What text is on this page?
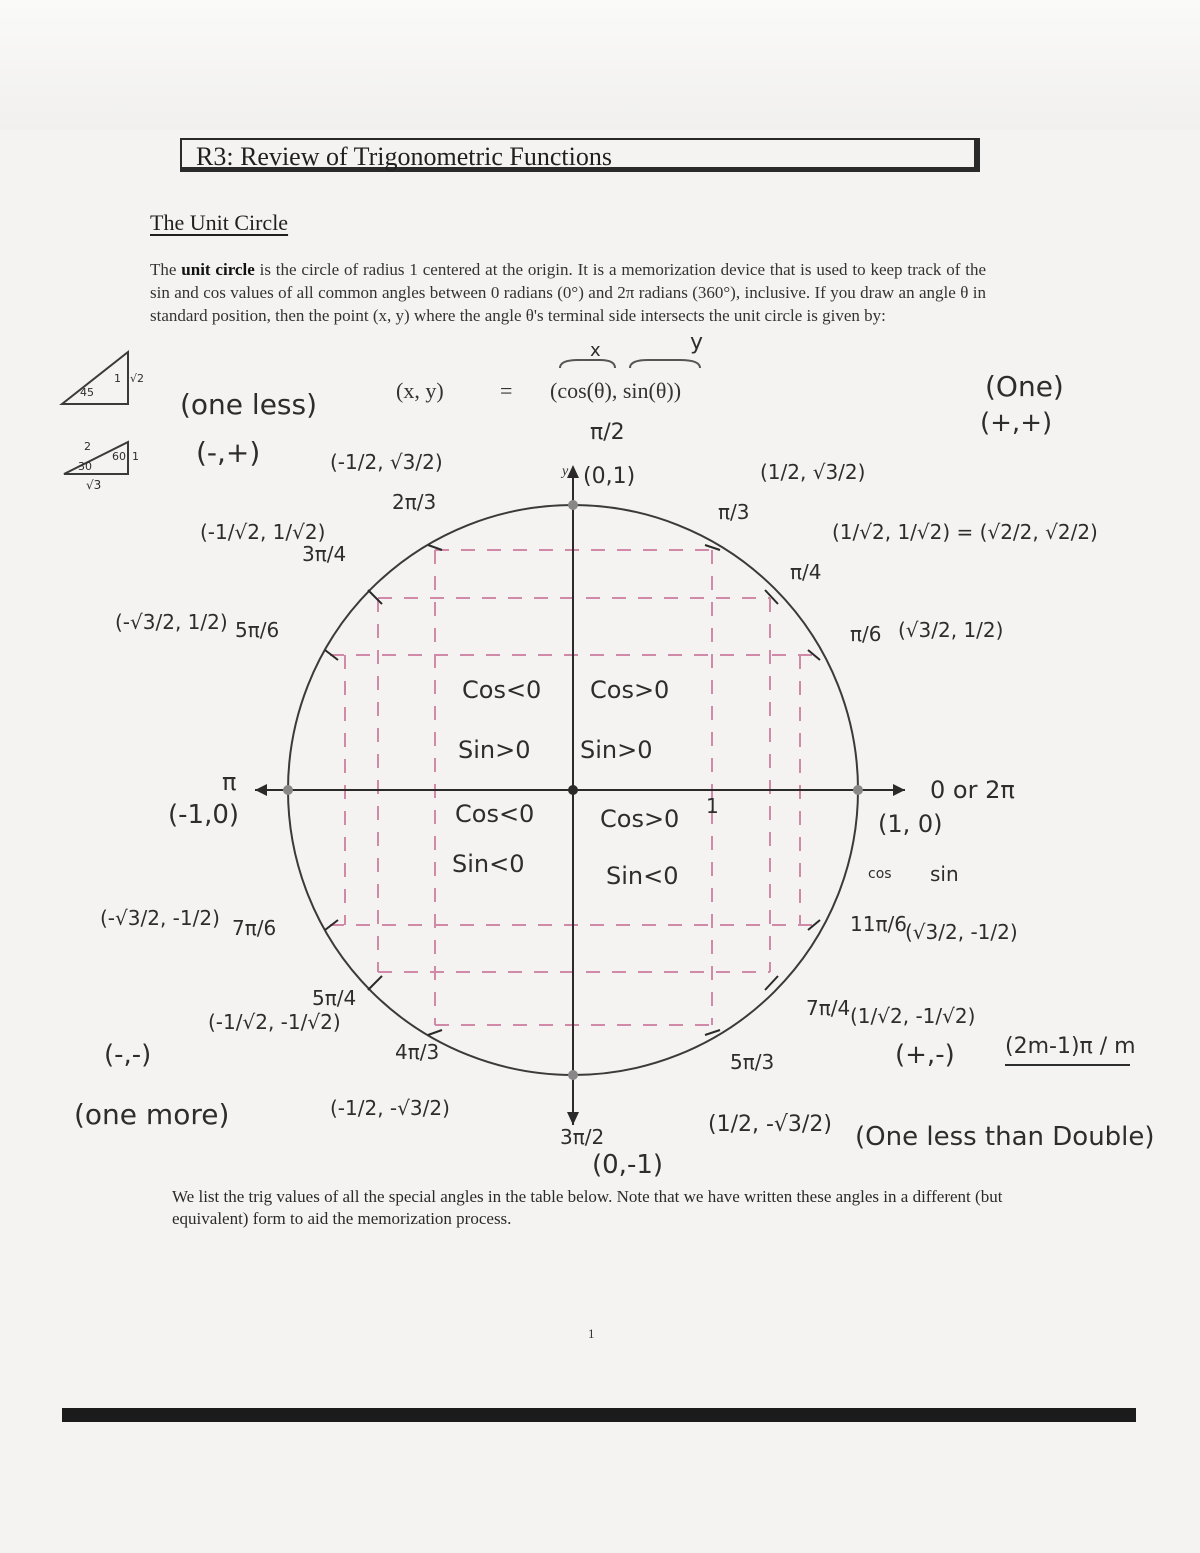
R3: Review of Trigonometric Functions
The Unit Circle
The unit circle is the circle of radius 1 centered at the origin. It is a memorization device that is used to keep track of the sin and cos values of all common angles between 0 radians (0°) and 2π radians (360°), inclusive. If you draw an angle θ in standard position, then the point (x, y) where the angle θ's terminal side intersects the unit circle is given by:
(x, y)	= (cos(θ), sin(θ))
y
Cos<0
Sin>0
Cos>0
Sin>0
Cos<0
Sin<0
Cos>0
Sin<0
1
x	y
(one less)
(-,+)
(One)
(+,+)
π/2
(0,1)
π/3
(1/2, √3/2)
π/4
(1/√2, 1/√2) = (√2/2, √2/2)
π/6 (√3/2, 1/2)
2π/3
(-1/2, √3/2)
3π/4
(-1/√2, 1/√2)
5π/6
(-√3/2, 1/2)
π
(-1,0)
0 or 2π
(1, 0)
cos sin
(-√3/2, -1/2) 7π/6
5π/4
(-1/√2, -1/√2)
4π/3
(-1/2, -√3/2)
(-,-)
(one more)
3π/2
(0,-1)
5π/3
(1/2, -√3/2)
7π/4 (1/√2, -1/√2)
(+,-)
11π/6
(√3/2, -1/2)
(2m-1)π / m
(One less than Double)
45
1 √2
2
30
60 1
√3
We list the trig values of all the special angles in the table below. Note that we have written these angles in a different (but equivalent) form to aid the memorization process.
1
